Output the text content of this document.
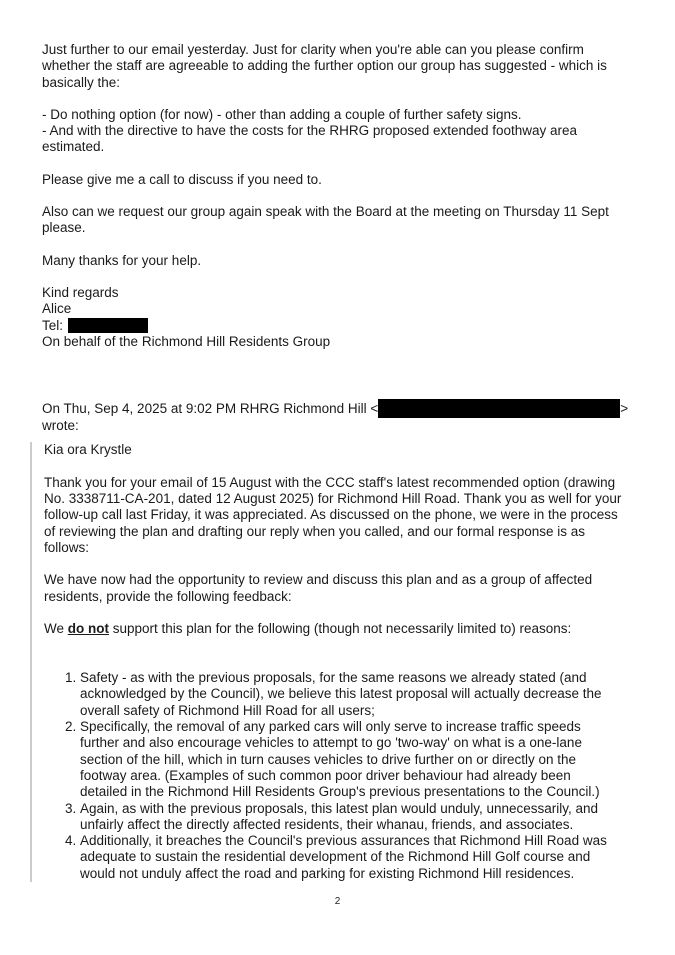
Just further to our email yesterday. Just for clarity when you're able can you please confirm
whether the staff are agreeable to adding the further option our group has suggested - which is
basically the:
- Do nothing option (for now) - other than adding a couple of further safety signs.
- And with the directive to have the costs for the RHRG proposed extended foothway area
estimated.
Please give me a call to discuss if you need to.
Also can we request our group again speak with the Board at the meeting on Thursday 11 Sept
please.
Many thanks for your help.
Kind regards
Alice
Tel:
On behalf of the Richmond Hill Residents Group
On Thu, Sep 4, 2025 at 9:02 PM RHRG Richmond Hill <	>
wrote:
Kia ora Krystle
Thank you for your email of 15 August with the CCC staff's latest recommended option (drawing
No. 3338711-CA-201, dated 12 August 2025) for Richmond Hill Road. Thank you as well for your
follow-up call last Friday, it was appreciated. As discussed on the phone, we were in the process
of reviewing the plan and drafting our reply when you called, and our formal response is as
follows:
We have now had the opportunity to review and discuss this plan and as a group of affected
residents, provide the following feedback:
We do not support this plan for the following (though not necessarily limited to) reasons:
1. Safety - as with the previous proposals, for the same reasons we already stated (and
acknowledged by the Council), we believe this latest proposal will actually decrease the
overall safety of Richmond Hill Road for all users;
2. Specifically, the removal of any parked cars will only serve to increase traffic speeds
further and also encourage vehicles to attempt to go 'two-way' on what is a one-lane
section of the hill, which in turn causes vehicles to drive further on or directly on the
footway area. (Examples of such common poor driver behaviour had already been
detailed in the Richmond Hill Residents Group's previous presentations to the Council.)
3. Again, as with the previous proposals, this latest plan would unduly, unnecessarily, and
unfairly affect the directly affected residents, their whanau, friends, and associates.
4. Additionally, it breaches the Council's previous assurances that Richmond Hill Road was
adequate to sustain the residential development of the Richmond Hill Golf course and
would not unduly affect the road and parking for existing Richmond Hill residences.
2
